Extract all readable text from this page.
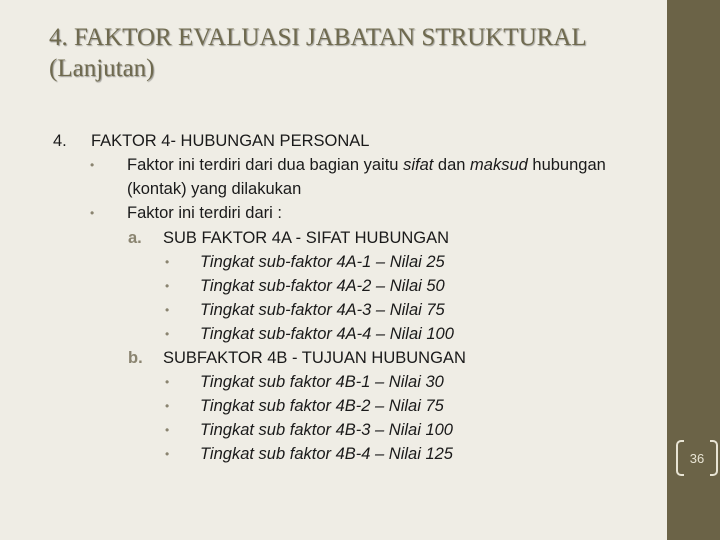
4. FAKTOR EVALUASI JABATAN STRUKTURAL
(Lanjutan)
4. FAKTOR 4- HUBUNGAN PERSONAL
• Faktor ini terdiri dari dua bagian yaitu sifat dan maksud hubungan
(kontak) yang dilakukan
• Faktor ini terdiri dari :
a. SUB FAKTOR 4A - SIFAT HUBUNGAN
• Tingkat sub-faktor 4A-1 – Nilai 25
• Tingkat sub-faktor 4A-2 – Nilai 50
• Tingkat sub-faktor 4A-3 – Nilai 75
• Tingkat sub-faktor 4A-4 – Nilai 100
b. SUBFAKTOR 4B - TUJUAN HUBUNGAN
• Tingkat sub faktor 4B-1 – Nilai 30
• Tingkat sub faktor 4B-2 – Nilai 75
• Tingkat sub faktor 4B-3 – Nilai 100
• Tingkat sub faktor 4B-4 – Nilai 125	36
